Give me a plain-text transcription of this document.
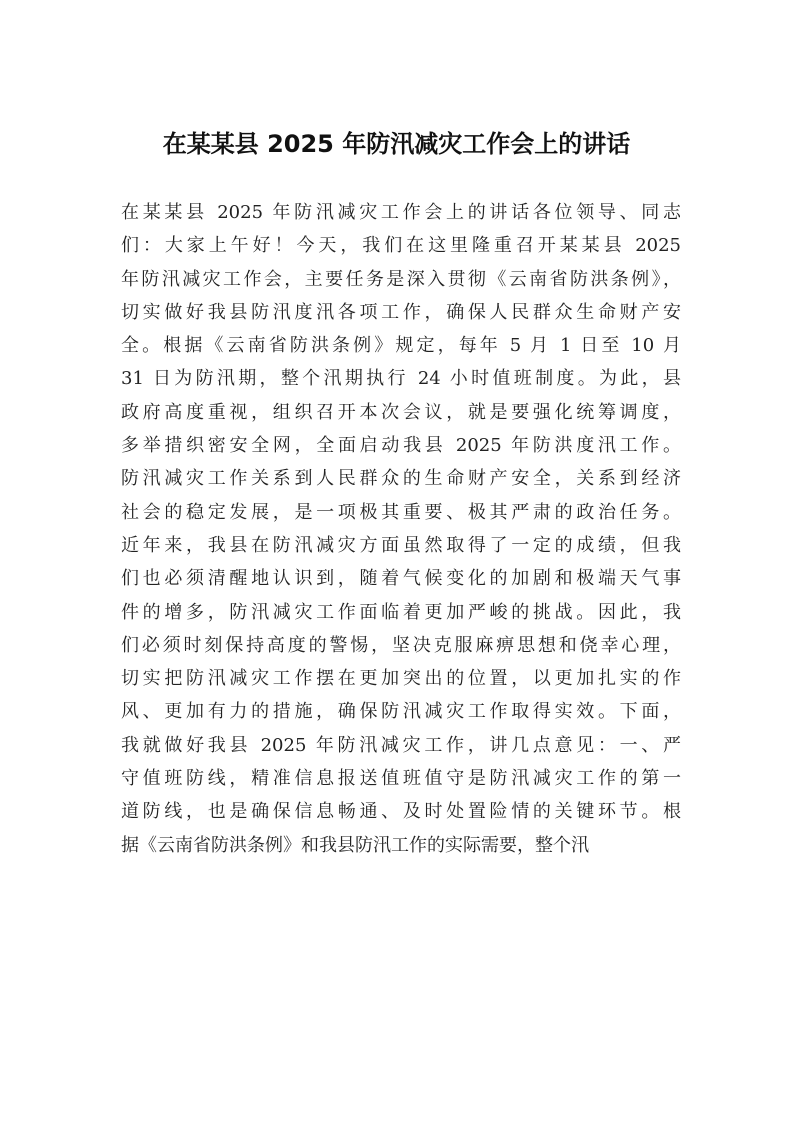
在某某县 2025 年防汛减灾工作会上的讲话
在某某县 2025 年防汛减灾工作会上的讲话各位领导、同志
们：大家上午好！今天，我们在这里隆重召开某某县 2025
年防汛减灾工作会，主要任务是深入贯彻《云南省防洪条例》，
切实做好我县防汛度汛各项工作，确保人民群众生命财产安
全。根据《云南省防洪条例》规定，每年 5 月 1 日至 10 月
31 日为防汛期，整个汛期执行 24 小时值班制度。为此，县
政府高度重视，组织召开本次会议，就是要强化统筹调度，
多举措织密安全网，全面启动我县 2025 年防洪度汛工作。
防汛减灾工作关系到人民群众的生命财产安全，关系到经济
社会的稳定发展，是一项极其重要、极其严肃的政治任务。
近年来，我县在防汛减灾方面虽然取得了一定的成绩，但我
们也必须清醒地认识到，随着气候变化的加剧和极端天气事
件的增多，防汛减灾工作面临着更加严峻的挑战。因此，我
们必须时刻保持高度的警惕，坚决克服麻痹思想和侥幸心理，
切实把防汛减灾工作摆在更加突出的位置，以更加扎实的作
风、更加有力的措施，确保防汛减灾工作取得实效。下面，
我就做好我县 2025 年防汛减灾工作，讲几点意见：一、严
守值班防线，精准信息报送值班值守是防汛减灾工作的第一
道防线，也是确保信息畅通、及时处置险情的关键环节。根
据《云南省防洪条例》和我县防汛工作的实际需要，整个汛
